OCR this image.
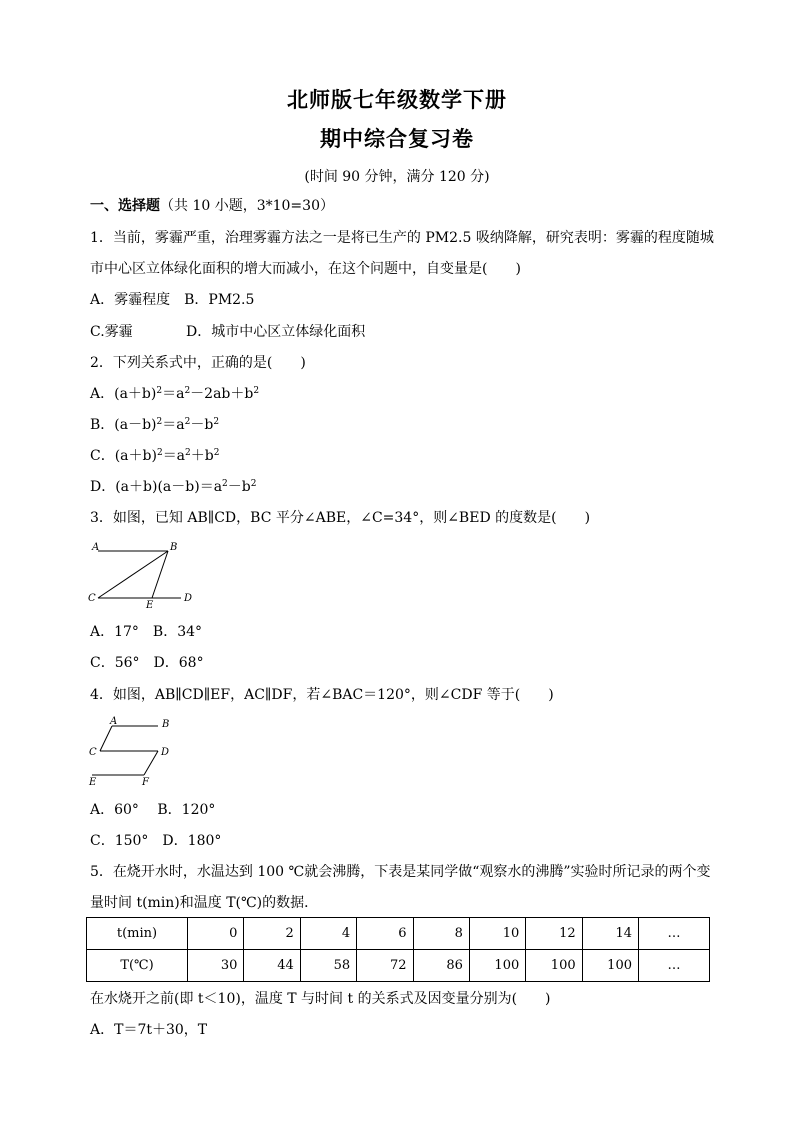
北师版七年级数学下册
期中综合复习卷
(时间 90 分钟，满分 120 分)
一、选择题（共 10 小题，3*10=30）
1．当前，雾霾严重，治理雾霾方法之一是将已生产的 PM2.5 吸纳降解，研究表明：雾霾的程度随城
市中心区立体绿化面积的增大而减小，在这个问题中，自变量是(　　)
A．雾霾程度　B．PM2.5
C.雾霾	D．城市中心区立体绿化面积
2．下列关系式中，正确的是(　　)
A．$(a+b)^2=a^2-2ab+b^2$
B．$(a-b)^2=a^2-b^2$
C．$(a+b)^2=a^2+b^2$
D．$(a+b)(a-b)=a^2-b^2$
3．如图，已知 AB∥CD，BC 平分∠ABE，∠C=34°，则∠BED 的度数是(　　)
A	B
C
E
D
A．17°　B．34°
C．56°　D．68°
4．如图，AB∥CD∥EF，AC∥DF，若∠BAC＝120°，则∠CDF 等于(　　)
A	B
C	D
E	F
A．60°　 B．120°
C．150°　D．180°
5．在烧开水时，水温达到 100 ℃就会沸腾，下表是某同学做“观察水的沸腾”实验时所记录的两个变
量时间 t(min)和温度 T(℃)的数据．
t(min)	0	2	4	6	8	10	12	14	…
T(℃)	30	44	58	72	86	100	100	100	…
在水烧开之前(即 t＜10)，温度 T 与时间 t 的关系式及因变量分别为(　　)
A．T＝7t＋30，T
